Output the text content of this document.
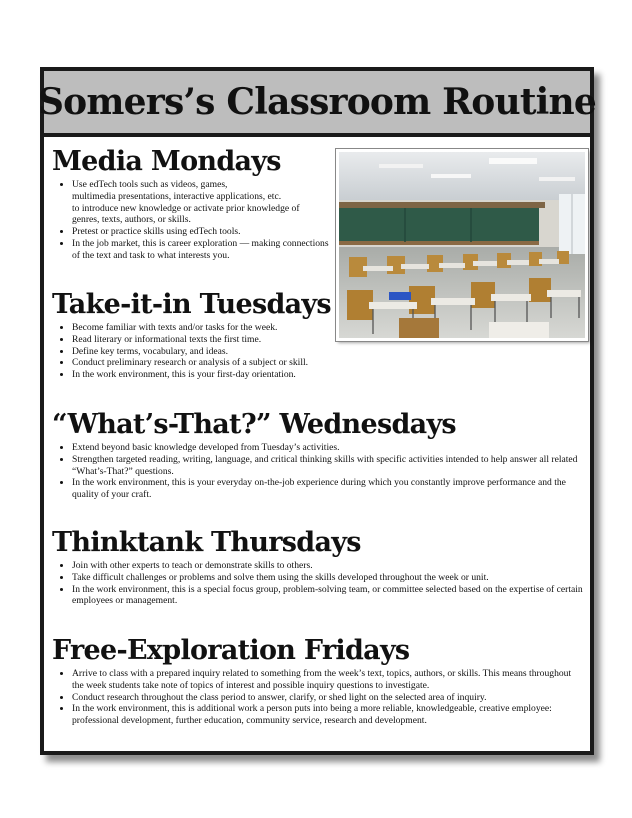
Somers’s Classroom Routine
Media Mondays
• Use edTech tools such as videos, games,
multimedia presentations, interactive applications, etc.
to introduce new knowledge or activate prior knowledge of
genres, texts, authors, or skills.
• Pretest or practice skills using edTech tools.
• In the job market, this is career exploration — making connections of the text and task to what interests you.
Take-it-in Tuesdays
• Become familiar with texts and/or tasks for the week.
• Read literary or informational texts the first time.
• Define key terms, vocabulary, and ideas.
• Conduct preliminary research or analysis of a subject or skill.
• In the work environment, this is your first-day orientation.
“What’s-That?” Wednesdays
• Extend beyond basic knowledge developed from Tuesday’s activities.
• Strengthen targeted reading, writing, language, and critical thinking skills with specific activities intended to help answer all related “What’s-That?” questions.
• In the work environment, this is your everyday on-the-job experience during which you constantly improve performance and the quality of your craft.
Thinktank Thursdays
• Join with other experts to teach or demonstrate skills to others.
• Take difficult challenges or problems and solve them using the skills developed throughout the week or unit.
• In the work environment, this is a special focus group, problem-solving team, or committee selected based on the expertise of certain employees or management.
Free-Exploration Fridays
• Arrive to class with a prepared inquiry related to something from the week’s text, topics, authors, or skills. This means throughout the week students take note of topics of interest and possible inquiry questions to investigate.
• Conduct research throughout the class period to answer, clarify, or shed light on the selected area of inquiry.
• In the work environment, this is additional work a person puts into being a more reliable, knowledgeable, creative employee: professional development, further education, community service, research and development.
